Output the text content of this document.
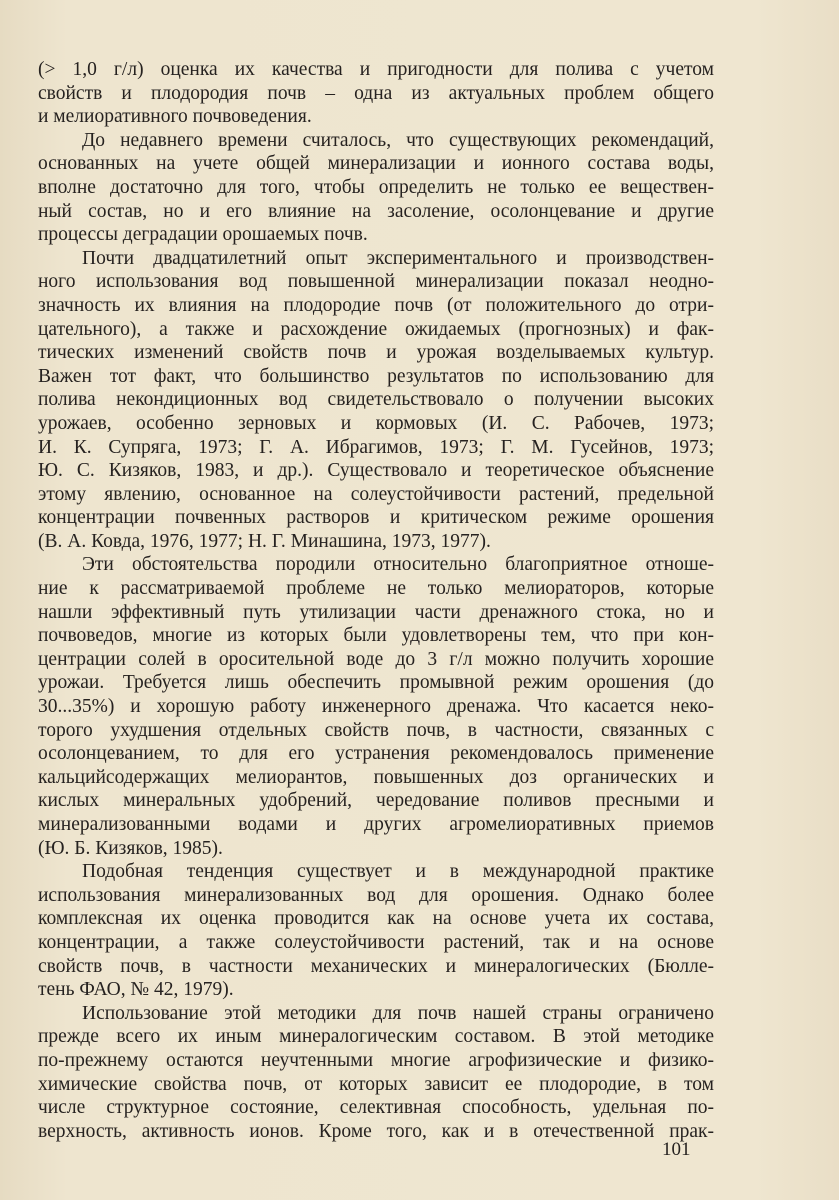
(> 1,0 г/л) оценка их качества и пригодности для полива с учетом
свойств и плодородия почв – одна из актуальных проблем общего
и мелиоративного почвоведения.

До недавнего времени считалось, что существующих рекомендаций,
основанных на учете общей минерализации и ионного состава воды,
вполне достаточно для того, чтобы определить не только ее веществен-
ный состав, но и его влияние на засоление, осолонцевание и другие
процессы деградации орошаемых почв.

Почти двадцатилетний опыт экспериментального и производствен-
ного использования вод повышенной минерализации показал неодно-
значность их влияния на плодородие почв (от положительного до отри-
цательного), а также и расхождение ожидаемых (прогнозных) и фак-
тических изменений свойств почв и урожая возделываемых культур.
Важен тот факт, что большинство результатов по использованию для
полива некондиционных вод свидетельствовало о получении высоких
урожаев, особенно зерновых и кормовых (И. С. Рабочев, 1973;
И. К. Супряга, 1973; Г. А. Ибрагимов, 1973; Г. М. Гусейнов, 1973;
Ю. С. Кизяков, 1983, и др.). Существовало и теоретическое объяснение
этому явлению, основанное на солеустойчивости растений, предельной
концентрации почвенных растворов и критическом режиме орошения
(В. А. Ковда, 1976, 1977; Н. Г. Минашина, 1973, 1977).

Эти обстоятельства породили относительно благоприятное отноше-
ние к рассматриваемой проблеме не только мелиораторов, которые
нашли эффективный путь утилизации части дренажного стока, но и
почвоведов, многие из которых были удовлетворены тем, что при кон-
центрации солей в оросительной воде до 3 г/л можно получить хорошие
урожаи. Требуется лишь обеспечить промывной режим орошения (до
30...35%) и хорошую работу инженерного дренажа. Что касается неко-
торого ухудшения отдельных свойств почв, в частности, связанных с
осолонцеванием, то для его устранения рекомендовалось применение
кальцийсодержащих мелиорантов, повышенных доз органических и
кислых минеральных удобрений, чередование поливов пресными и
минерализованными водами и других агромелиоративных приемов
(Ю. Б. Кизяков, 1985).

Подобная тенденция существует и в международной практике
использования минерализованных вод для орошения. Однако более
комплексная их оценка проводится как на основе учета их состава,
концентрации, а также солеустойчивости растений, так и на основе
свойств почв, в частности механических и минералогических (Бюлле-
тень ФАО, № 42, 1979).

Использование этой методики для почв нашей страны ограничено
прежде всего их иным минералогическим составом. В этой методике
по-прежнему остаются неучтенными многие агрофизические и физико-
химические свойства почв, от которых зависит ее плодородие, в том
числе структурное состояние, селективная способность, удельная по-
верхность, активность ионов. Кроме того, как и в отечественной прак-

101
